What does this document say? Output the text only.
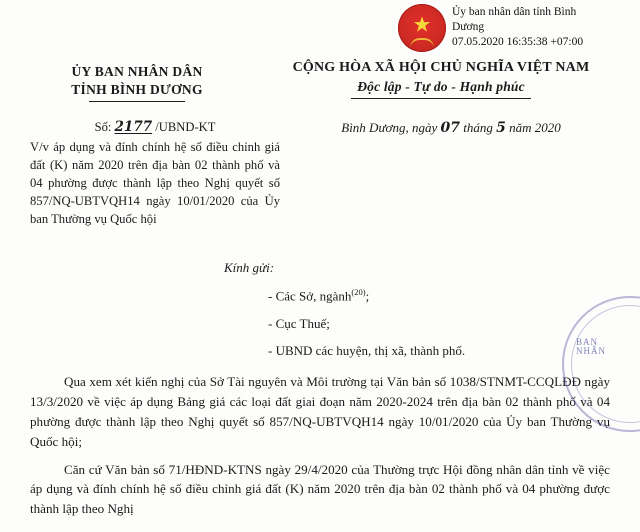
★
Ủy ban nhân dân tỉnh Bình
Dương
07.05.2020 16:35:38 +07:00
ỦY BAN NHÂN DÂN
TỈNH BÌNH DƯƠNG
CỘNG HÒA XÃ HỘI CHỦ NGHĨA VIỆT NAM
Độc lập - Tự do - Hạnh phúc
Số: 2177 /UBND-KT
V/v áp dụng và đính chính hệ số điều chỉnh giá đất (K) năm 2020 trên địa bàn 02 thành phố và 04 phường được thành lập theo Nghị quyết số 857/NQ-UBTVQH14 ngày 10/01/2020 của Ủy ban Thường vụ Quốc hội
Bình Dương, ngày 07 tháng 5 năm 2020
Kính gửi:
- Các Sở, ngành$^{(20)}$;
- Cục Thuế;
- UBND các huyện, thị xã, thành phố.

Qua xem xét kiến nghị của Sở Tài nguyên và Môi trường tại Văn bản số 1038/STNMT-CCQLĐĐ ngày 13/3/2020 về việc áp dụng Bảng giá các loại đất giai đoạn năm 2020-2024 trên địa bàn 02 thành phố và 04 phường được thành lập theo Nghị quyết số 857/NQ-UBTVQH14 ngày 10/01/2020 của Ủy ban Thường vụ Quốc hội;

Căn cứ Văn bản số 71/HĐND-KTNS ngày 29/4/2020 của Thường trực Hội đồng nhân dân tỉnh về việc áp dụng và đính chính hệ số điều chỉnh giá đất (K) năm 2020 trên địa bàn 02 thành phố và 04 phường được thành lập theo Nghị

BAN NHÂN
